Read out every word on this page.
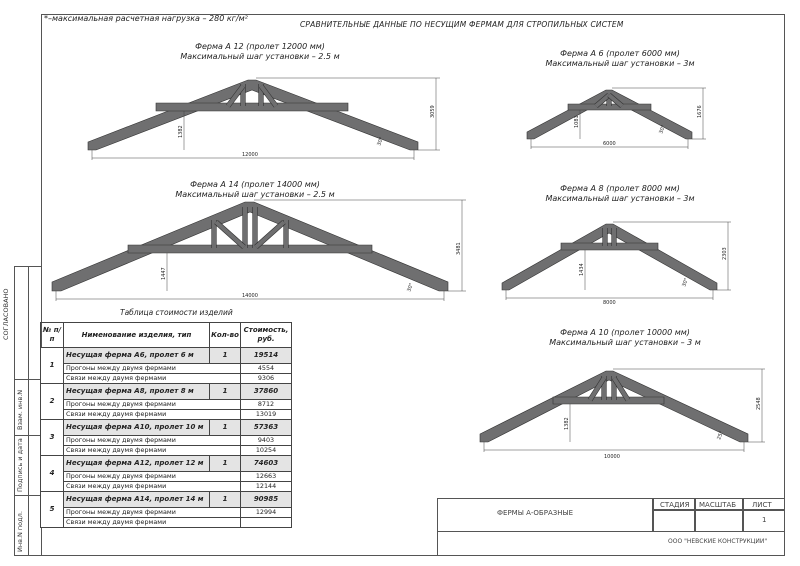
*–максимальная расчетная нагрузка – 280 кг/м²
СРАВНИТЕЛЬНЫЕ ДАННЫЕ ПО НЕСУЩИМ ФЕРМАМ ДЛЯ СТРОПИЛЬНЫХ СИСТЕМ
Ферма А 12 (пролет 12000 мм)
Максимальный шаг установки – 2.5 м	Ферма А 6 (пролет 6000 мм)
Максимальный шаг установки – 3м
Ферма А 14 (пролет 14000 мм)
Максимальный шаг установки – 2.5 м
Ферма А 8 (пролет 8000 мм)
Максимальный шаг установки – 3м
Ферма А 10 (пролет 10000 мм)
Максимальный шаг установки – 3 м
12000
3059
1382
30°	6000
1676
1081
30°
14000
3481
1447
30°
8000
2303
1434
30°
10000
2548
1382
25°
СОГЛАСОВАНО
Взам. инв.N
Подпись и дата
Инв.N подл.
Таблица стоимости изделий
№ п/п	Нименование изделия, тип	Кол-во	Стоимость, руб.
1	Несущая ферма А6, пролет 6 м	1	19514
	Прогоны между двумя фермами		4554
	Связи между двумя фермами		9306
2	Несущая ферма А8, пролет 8 м	1	37860
	Прогоны между двумя фермами		8712
	Связи между двумя фермами		13019
3	Несущая ферма А10, пролет 10 м	1	57363
	Прогоны между двумя фермами		9403
	Связи между двумя фермами		10254
4	Несущая ферма А12, пролет 12 м	1	74603
	Прогоны между двумя фермами		12663
	Связи между двумя фермами		12144
5	Несущая ферма А14, пролет 14 м	1	90985
	Прогоны между двумя фермами		12994
	Связи между двумя фермами		
ФЕРМЫ А-ОБРАЗНЫЕ
СТАДИЯ МАСШТАБ ЛИСТ
1
ООО "НЕВСКИЕ КОНСТРУКЦИИ"
